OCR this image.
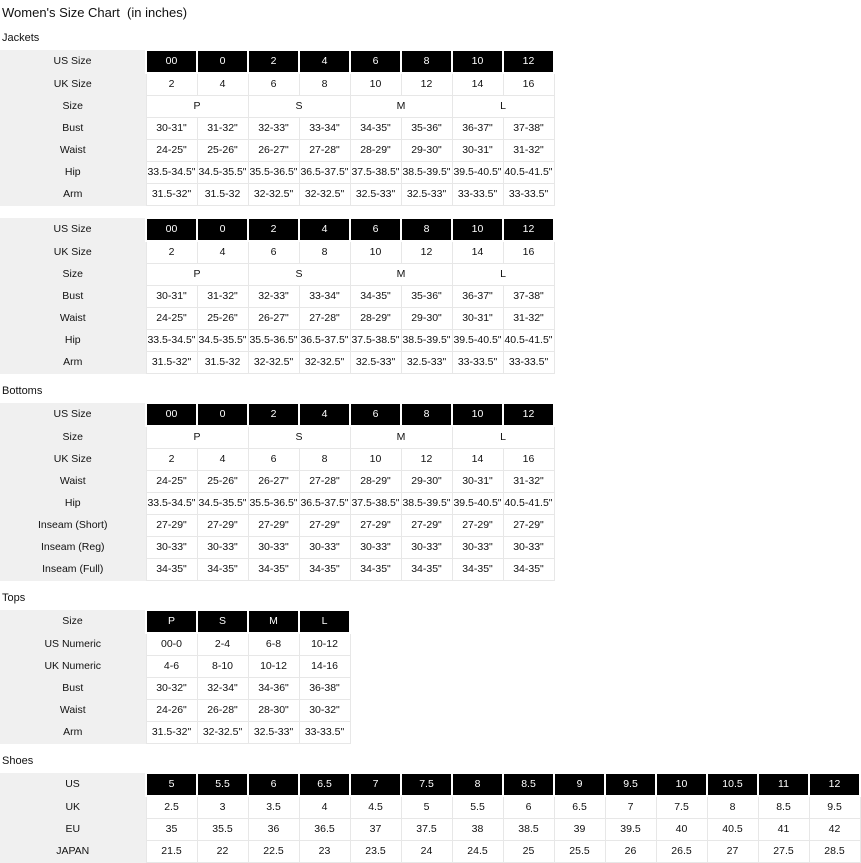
Women's Size Chart  (in inches)
Jackets
US Size	00	0	2	4	6	8	10	12
UK Size	2	4	6	8	10	12	14	16
Size	P		S		M		L	
Bust	30-31"	31-32"	32-33"	33-34"	34-35"	35-36"	36-37"	37-38"
Waist	24-25"	25-26"	26-27"	27-28"	28-29"	29-30"	30-31"	31-32"
Hip	33.5-34.5"	34.5-35.5"	35.5-36.5"	36.5-37.5"	37.5-38.5"	38.5-39.5"	39.5-40.5"	40.5-41.5"
Arm	31.5-32"	31.5-32	32-32.5"	32-32.5"	32.5-33"	32.5-33"	33-33.5"	33-33.5"
US Size	00	0	2	4	6	8	10	12
UK Size	2	4	6	8	10	12	14	16
Size	P		S		M		L	
Bust	30-31"	31-32"	32-33"	33-34"	34-35"	35-36"	36-37"	37-38"
Waist	24-25"	25-26"	26-27"	27-28"	28-29"	29-30"	30-31"	31-32"
Hip	33.5-34.5"	34.5-35.5"	35.5-36.5"	36.5-37.5"	37.5-38.5"	38.5-39.5"	39.5-40.5"	40.5-41.5"
Arm	31.5-32"	31.5-32	32-32.5"	32-32.5"	32.5-33"	32.5-33"	33-33.5"	33-33.5"
Bottoms
US Size	00	0	2	4	6	8	10	12
Size	P		S		M		L	
UK Size	2	4	6	8	10	12	14	16
Waist	24-25"	25-26"	26-27"	27-28"	28-29"	29-30"	30-31"	31-32"
Hip	33.5-34.5"	34.5-35.5"	35.5-36.5"	36.5-37.5"	37.5-38.5"	38.5-39.5"	39.5-40.5"	40.5-41.5"
Inseam (Short)	27-29"	27-29"	27-29"	27-29"	27-29"	27-29"	27-29"	27-29"
Inseam (Reg)	30-33"	30-33"	30-33"	30-33"	30-33"	30-33"	30-33"	30-33"
Inseam (Full)	34-35"	34-35"	34-35"	34-35"	34-35"	34-35"	34-35"	34-35"
Tops
Size	P	S	M	L
US Numeric	00-0	2-4	6-8	10-12
UK Numeric	4-6	8-10	10-12	14-16
Bust	30-32"	32-34"	34-36"	36-38"
Waist	24-26"	26-28"	28-30"	30-32"
Arm	31.5-32"	32-32.5"	32.5-33"	33-33.5"
Shoes
US	5	5.5	6	6.5	7	7.5	8	8.5	9	9.5	10	10.5	11	12
UK	2.5	3	3.5	4	4.5	5	5.5	6	6.5	7	7.5	8	8.5	9.5
EU	35	35.5	36	36.5	37	37.5	38	38.5	39	39.5	40	40.5	41	42
JAPAN	21.5	22	22.5	23	23.5	24	24.5	25	25.5	26	26.5	27	27.5	28.5
